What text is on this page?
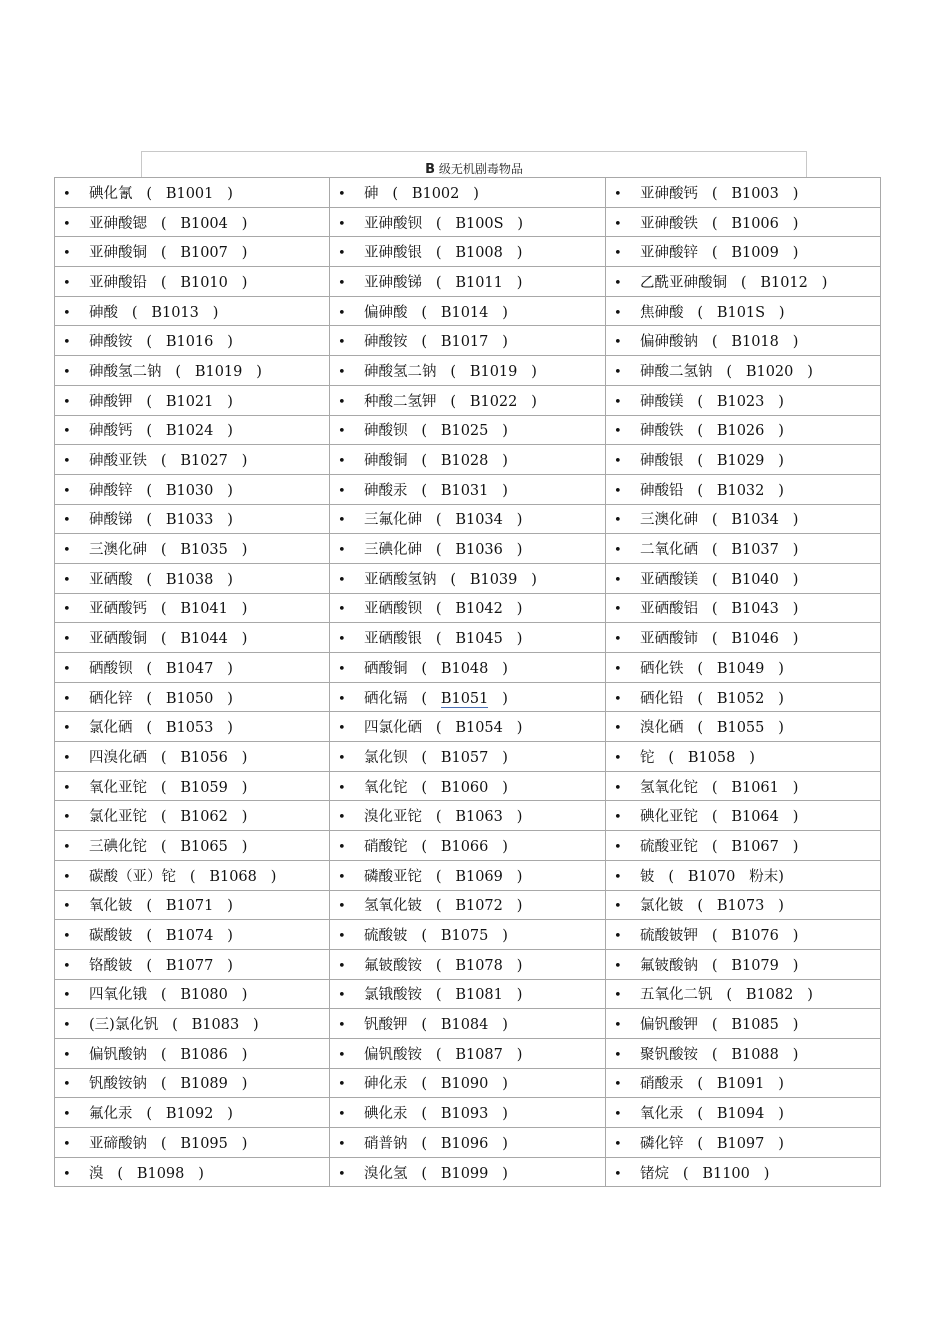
B 级无机剧毒物品
• 碘化氰   (   B1001   )	• 砷   (   B1002   )	• 亚砷酸钙   (   B1003   )
• 亚砷酸锶   (   B1004   )	• 亚砷酸钡   (   B100S   )	• 亚砷酸铁   (   B1006   )
• 亚砷酸铜   (   B1007   )	• 亚砷酸银   (   B1008   )	• 亚砷酸锌   (   B1009   )
• 亚砷酸铅   (   B1010   )	• 亚砷酸锑   (   B1011   )	• 乙酰亚砷酸铜   (   B1012   )
• 砷酸   (   B1013   )	• 偏砷酸   (   B1014   )	• 焦砷酸   (   B101S   )
• 砷酸铵   (   B1016   )	• 砷酸铵   (   B1017   )	• 偏砷酸钠   (   B1018   )
• 砷酸氢二钠   (   B1019   )	• 砷酸氢二钠   (   B1019   )	• 砷酸二氢钠   (   B1020   )
• 砷酸钾   (   B1021   )	• 种酸二氢钾   (   B1022   )	• 砷酸镁   (   B1023   )
• 砷酸钙   (   B1024   )	• 砷酸钡   (   B1025   )	• 砷酸铁   (   B1026   )
• 砷酸亚铁   (   B1027   )	• 砷酸铜   (   B1028   )	• 砷酸银   (   B1029   )
• 砷酸锌   (   B1030   )	• 砷酸汞   (   B1031   )	• 砷酸铅   (   B1032   )
• 砷酸锑   (   B1033   )	• 三氟化砷   (   B1034   )	• 三澳化砷   (   B1034   )
• 三澳化砷   (   B1035   )	• 三碘化砷   (   B1036   )	• 二氧化硒   (   B1037   )
• 亚硒酸   (   B1038   )	• 亚硒酸氢钠   (   B1039   )	• 亚硒酸镁   (   B1040   )
• 亚硒酸钙   (   B1041   )	• 亚硒酸钡   (   B1042   )	• 亚硒酸铝   (   B1043   )
• 亚硒酸铜   (   B1044   )	• 亚硒酸银   (   B1045   )	• 亚硒酸铈   (   B1046   )
• 硒酸钡   (   B1047   )	• 硒酸铜   (   B1048   )	• 硒化铁   (   B1049   )
• 硒化锌   (   B1050   )	• 硒化镉   (   B1051   )	• 硒化铅   (   B1052   )
• 氯化硒   (   B1053   )	• 四氯化硒   (   B1054   )	• 溴化硒   (   B1055   )
• 四溴化硒   (   B1056   )	• 氯化钡   (   B1057   )	• 铊   (   B1058   )
• 氧化亚铊   (   B1059   )	• 氧化铊   (   B1060   )	• 氢氧化铊   (   B1061   )
• 氯化亚铊   (   B1062   )	• 溴化亚铊   (   B1063   )	• 碘化亚铊   (   B1064   )
• 三碘化铊   (   B1065   )	• 硝酸铊   (   B1066   )	• 硫酸亚铊   (   B1067   )
• 碳酸（亚）铊   (   B1068   )	• 磷酸亚铊   (   B1069   )	• 铍   (   B1070 粉末)
• 氧化铍   (   B1071   )	• 氢氧化铍   (   B1072   )	• 氯化铍   (   B1073   )
• 碳酸铍   (   B1074   )	• 硫酸铍   (   B1075   )	• 硫酸铍钾   (   B1076   )
• 铬酸铍   (   B1077   )	• 氟铍酸铵   (   B1078   )	• 氟铍酸钠   (   B1079   )
• 四氧化锇   (   B1080   )	• 氯锇酸铵   (   B1081   )	• 五氧化二钒   (   B1082   )
• (三)氯化钒   (   B1083   )	• 钒酸钾   (   B1084   )	• 偏钒酸钾   (   B1085   )
• 偏钒酸钠   (   B1086   )	• 偏钒酸铵   (   B1087   )	• 聚钒酸铵   (   B1088   )
• 钒酸铵钠   (   B1089   )	• 砷化汞   (   B1090   )	• 硝酸汞   (   B1091   )
• 氟化汞   (   B1092   )	• 碘化汞   (   B1093   )	• 氧化汞   (   B1094   )
• 亚碲酸钠   (   B1095   )	• 硝普钠   (   B1096   )	• 磷化锌   (   B1097   )
• 溴   (   B1098   )	• 溴化氢   (   B1099   )	• 锗烷   (   B1100   )
